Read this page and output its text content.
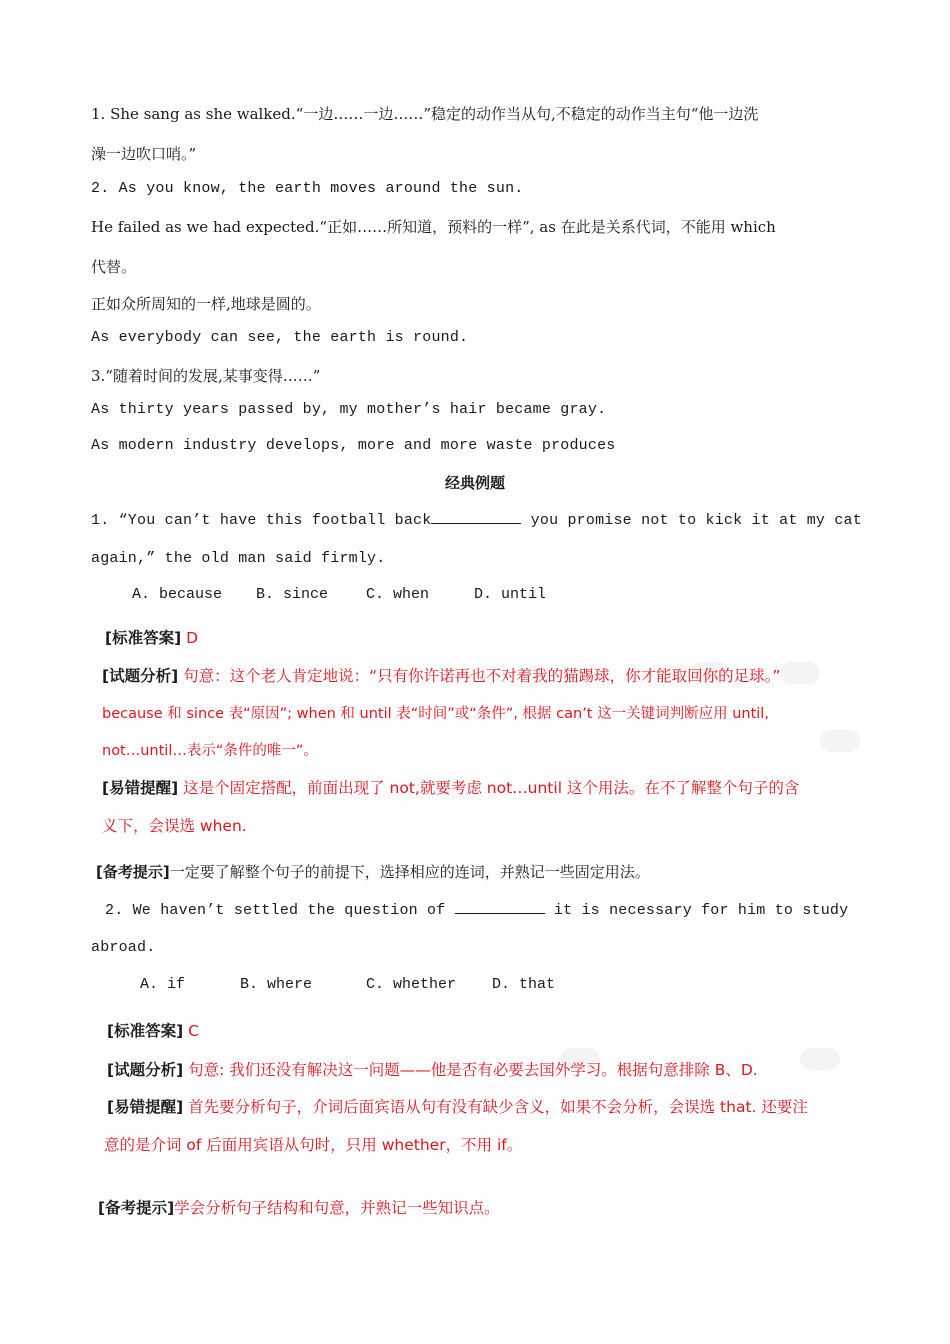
1. She sang as she walked.“一边……一边……”稳定的动作当从句,不稳定的动作当主句“他一边洗
澡一边吹口哨。”
2. As you know, the earth moves around the sun.
He failed as we had expected.“正如……所知道，预料的一样”, as 在此是关系代词，不能用 which
代替。
正如众所周知的一样,地球是圆的。
As everybody can see, the earth is round.
3.“随着时间的发展,某事变得……”
As thirty years passed by, my mother’s hair became gray.
As modern industry develops, more and more waste produces
经典例题
1. “You can’t have this football back	you promise not to kick it at my cat
again,” the old man said firmly.
A. because B. since	C. when	D. until
[标准答案] D
[试题分析] 句意：这个老人肯定地说：“只有你许诺再也不对着我的猫踢球，你才能取回你的足球。”
because 和 since 表“原因”; when 和 until 表“时间”或“条件”, 根据 can’t 这一关键词判断应用 until,
not…until…表示“条件的唯一”。
[易错提醒] 这是个固定搭配，前面出现了 not,就要考虑 not…until 这个用法。在不了解整个句子的含
义下，会误选 when.
[备考提示]一定要了解整个句子的前提下，选择相应的连词，并熟记一些固定用法。
2. We haven’t settled the question of	it is necessary for him to study
abroad.
A. if	B. where	C. whether D. that
[标准答案] C
[试题分析] 句意: 我们还没有解决这一问题——他是否有必要去国外学习。根据句意排除 B、D.
[易错提醒] 首先要分析句子，介词后面宾语从句有没有缺少含义，如果不会分析，会误选 that. 还要注
意的是介词 of 后面用宾语从句时，只用 whether，不用 if。
[备考提示]学会分析句子结构和句意，并熟记一些知识点。
